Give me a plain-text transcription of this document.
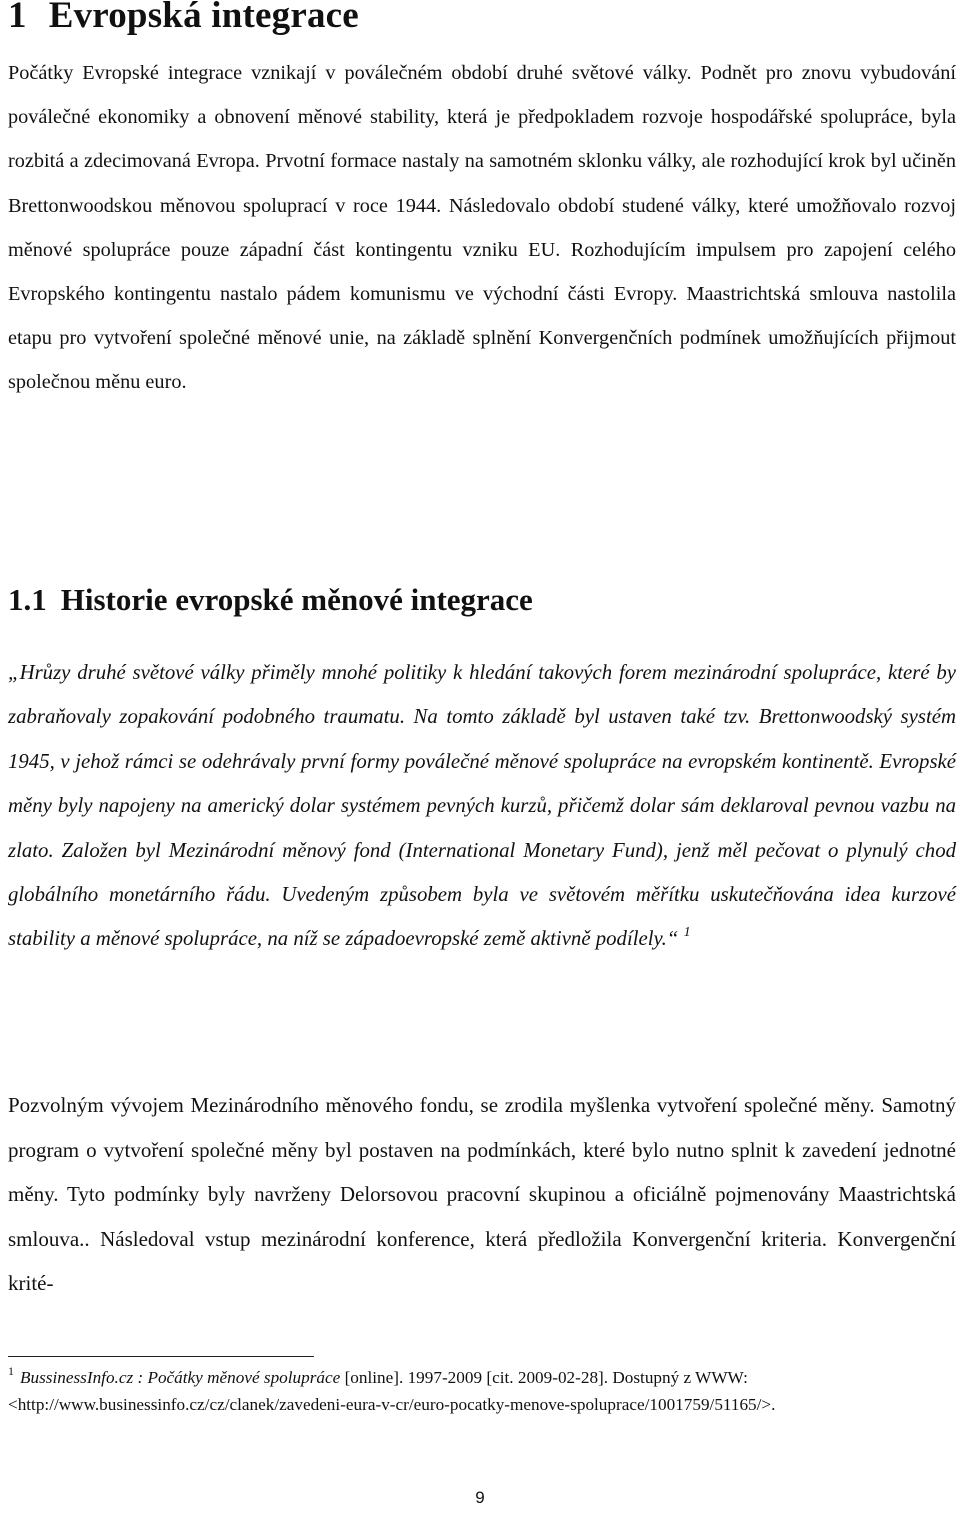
1 Evropská integrace

Počátky Evropské integrace vznikají v poválečném období druhé světové války. Podnět pro znovu vybudování poválečné ekonomiky a obnovení měnové stability, která je předpokladem rozvoje hospodářské spolupráce, byla rozbitá a zdecimovaná Evropa. Prvotní formace nastaly na samotném sklonku války, ale rozhodující krok byl učiněn Brettonwoodskou měnovou spoluprací v roce 1944. Následovalo období studené války, které umožňovalo rozvoj měnové spolupráce pouze západní část kontingentu vzniku EU. Rozhodujícím impulsem pro zapojení celého Evropského kontingentu nastalo pádem komunismu ve východní části Evropy. Maastrichtská smlouva nastolila etapu pro vytvoření společné měnové unie, na základě splnění Konvergenčních podmínek umožňujících přijmout společnou měnu euro.

1.1 Historie evropské měnové integrace

„Hrůzy druhé světové války přiměly mnohé politiky k hledání takových forem mezinárodní spolupráce, které by zabraňovaly zopakování podobného traumatu. Na tomto základě byl ustaven také tzv. Brettonwoodský systém 1945, v jehož rámci se odehrávaly první formy poválečné měnové spolupráce na evropském kontinentě. Evropské měny byly napojeny na americký dolar systémem pevných kurzů, přičemž dolar sám deklaroval pevnou vazbu na zlato. Založen byl Mezinárodní měnový fond (International Monetary Fund), jenž měl pečovat o plynulý chod globálního monetárního řádu. Uvedeným způsobem byla ve světovém měřítku uskutečňována idea kurzové stability a měnové spolupráce, na níž se západoevropské země aktivně podílely.“ $^1$

Pozvolným vývojem Mezinárodního měnového fondu, se zrodila myšlenka vytvoření společné měny. Samotný program o vytvoření společné měny byl postaven na podmínkách, které bylo nutno splnit k zavedení jednotné měny. Tyto podmínky byly navrženy Delorsovou pracovní skupinou a oficiálně pojmenovány Maastrichtská smlouva.. Následoval vstup mezinárodní konference, která předložila Konvergenční kriteria. Konvergenční krité-

$^1$ BussinessInfo.cz : Počátky měnové spolupráce [online]. 1997-2009 [cit. 2009-02-28]. Dostupný z WWW: <http://www.businessinfo.cz/cz/clanek/zavedeni-eura-v-cr/euro-pocatky-menove-spoluprace/1001759/51165/>.

9
